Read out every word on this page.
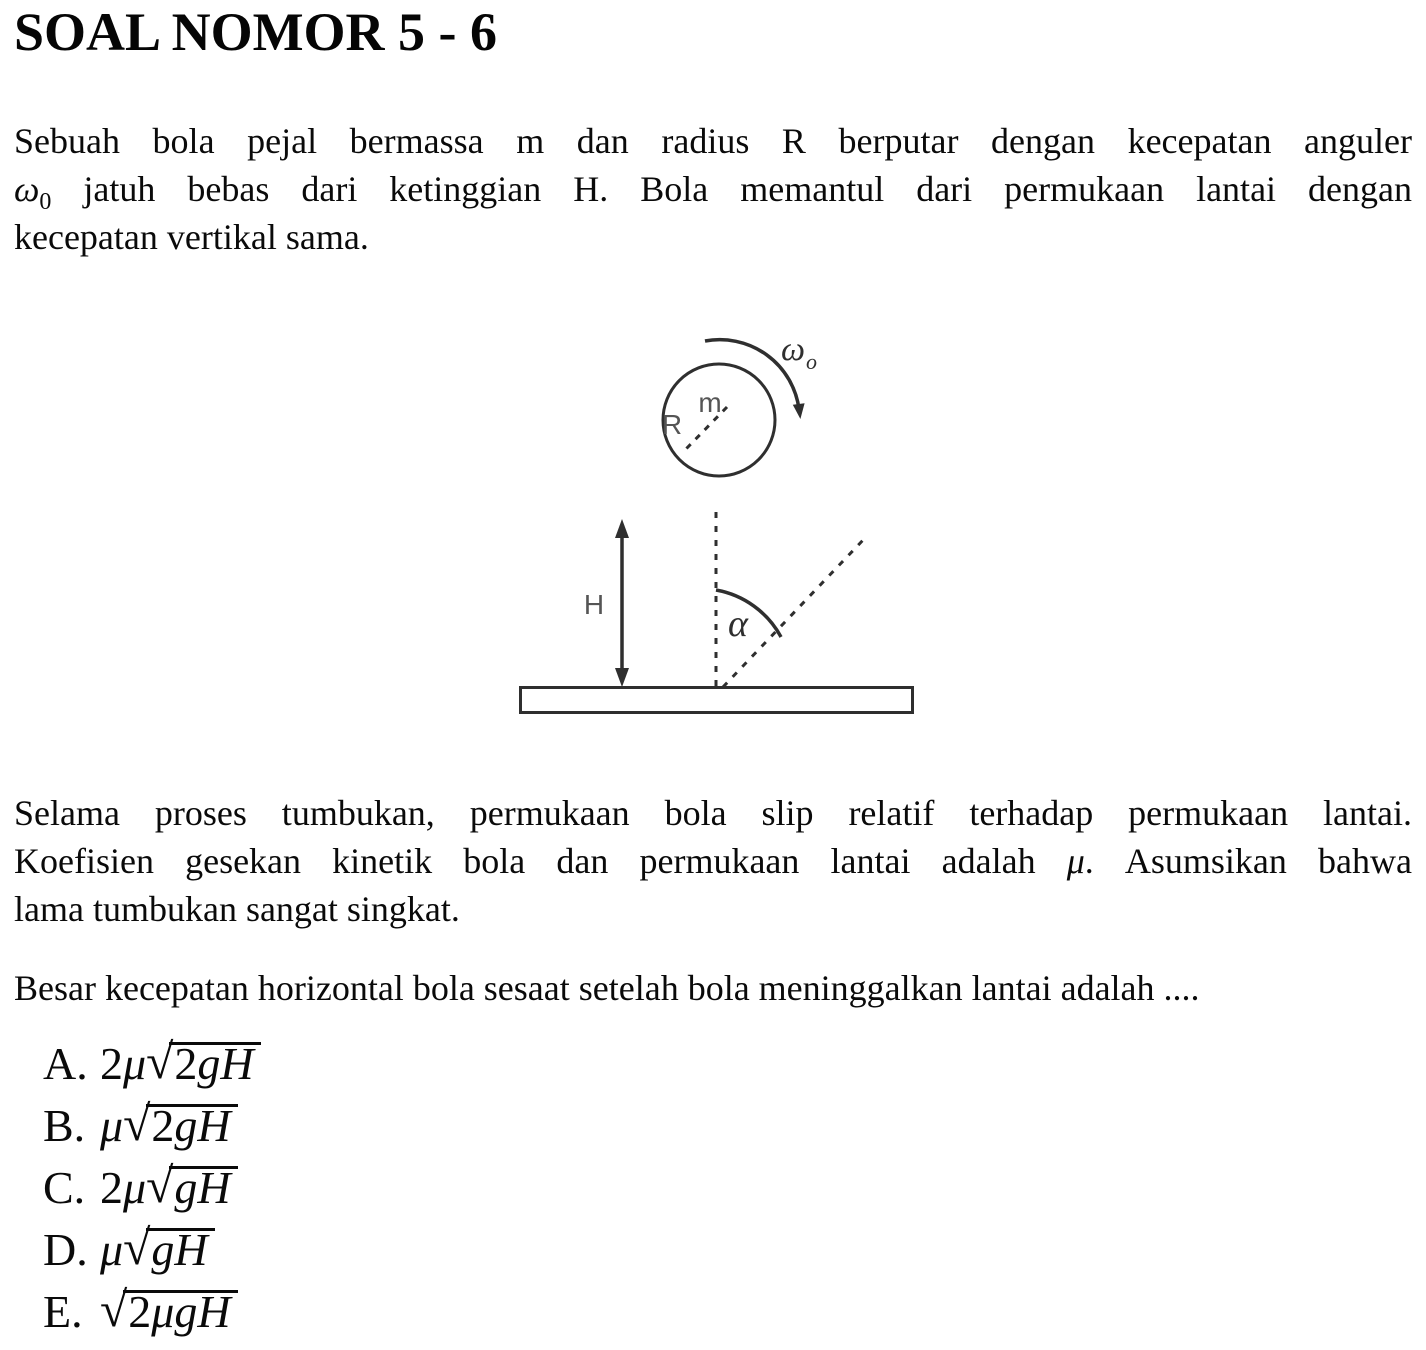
SOAL NOMOR 5 - 6
Sebuah bola pejal bermassa m dan radius R berputar dengan kecepatan anguler
$\omega_0$ jatuh bebas dari ketinggian H. Bola memantul dari permukaan lantai dengan
kecepatan vertikal sama.
m
R
ω o
H	α
Selama proses tumbukan, permukaan bola slip relatif terhadap permukaan lantai.
Koefisien gesekan kinetik bola dan permukaan lantai adalah μ. Asumsikan bahwa
lama tumbukan sangat singkat.
Besar kecepatan horizontal bola sesaat setelah bola meninggalkan lantai adalah ....
A. 2μ√2gH
B. μ√2gH
C. 2μ√gH
D. μ√gH
E. √2μgH
